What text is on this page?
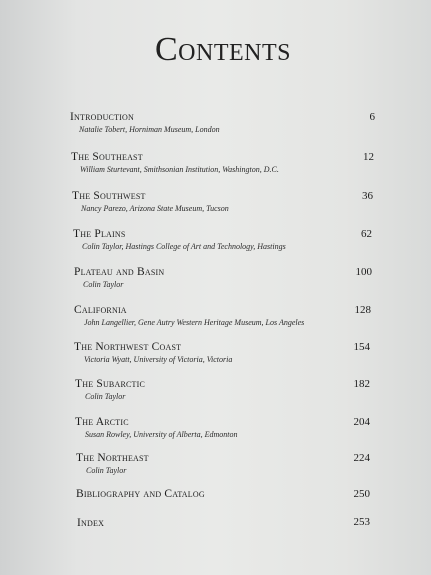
Contents
Introduction
Natalie Tobert, Horniman Museum, London
6
The Southeast
William Sturtevant, Smithsonian Institution, Washington, D.C.
12
The Southwest
Nancy Parezo, Arizona State Museum, Tucson
36
The Plains
Colin Taylor, Hastings College of Art and Technology, Hastings
62
Plateau and Basin
Colin Taylor
100
California
John Langellier, Gene Autry Western Heritage Museum, Los Angeles
128
The Northwest Coast
Victoria Wyatt, University of Victoria, Victoria
154
The Subarctic
Colin Taylor
182
The Arctic
Susan Rowley, University of Alberta, Edmonton
204
The Northeast
Colin Taylor
224
Bibliography and Catalog	250
Index	253
